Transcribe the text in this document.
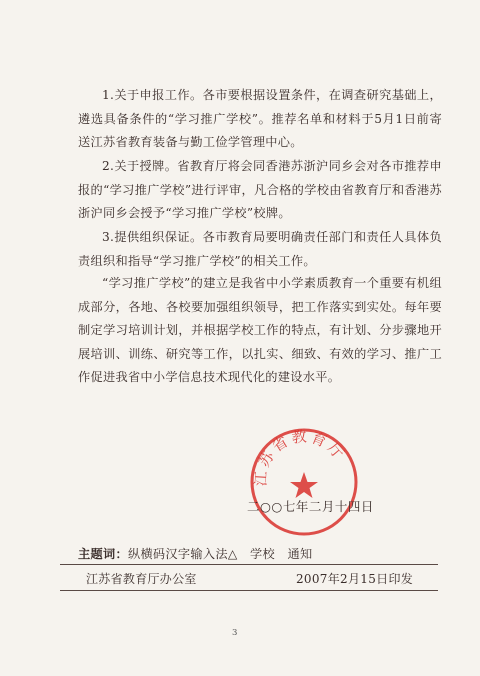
1.关于申报工作。各市要根据设置条件，在调查研究基础上，遴选具备条件的“学习推广学校”。推荐名单和材料于5月1日前寄送江苏省教育装备与勤工俭学管理中心。

2.关于授牌。省教育厅将会同香港苏浙沪同乡会对各市推荐申报的“学习推广学校”进行评审，凡合格的学校由省教育厅和香港苏浙沪同乡会授予“学习推广学校”校牌。

3.提供组织保证。各市教育局要明确责任部门和责任人具体负责组织和指导“学习推广学校”的相关工作。

“学习推广学校”的建立是我省中小学素质教育一个重要有机组成部分，各地、各校要加强组织领导，把工作落实到实处。每年要制定学习培训计划，并根据学校工作的特点，有计划、分步骤地开展培训、训练、研究等工作，以扎实、细致、有效的学习、推广工作促进我省中小学信息技术现代化的建设水平。

江苏省教育厅
二○○七年二月十四日
主题词：纵横码汉字输入法△　学校　通知
江苏省教育厅办公室	2007年2月15日印发
3
